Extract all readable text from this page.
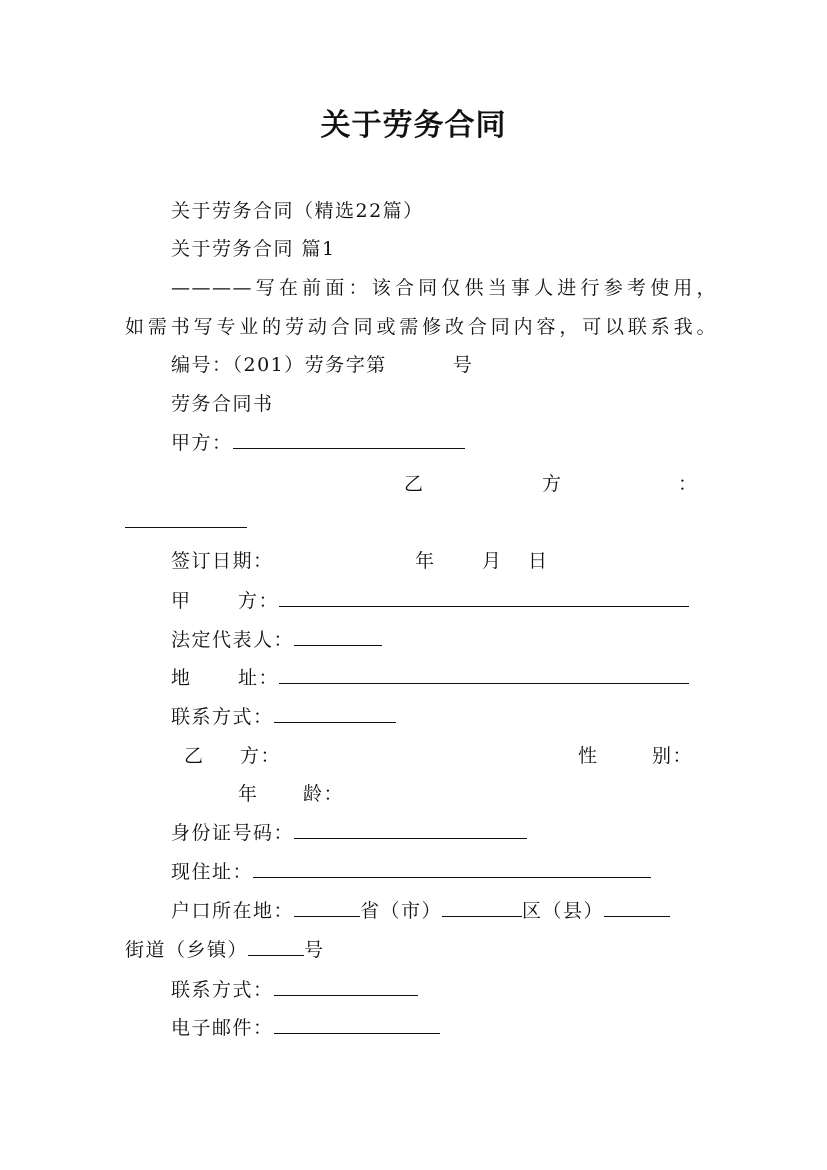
关于劳务合同
关于劳务合同（精选22篇）
关于劳务合同 篇1
————写在前面：该合同仅供当事人进行参考使用，
如需书写专业的劳动合同或需修改合同内容，可以联系我。
编号：（201）劳务字第	号
劳务合同书
甲方：
乙	方	：
签订日期：	年 月 日
甲 方：
法定代表人：
地 址：
联系方式：
乙 方：	性	别：
年 龄：
身份证号码：
现住址：
户口所在地：	省（市）	区（县）
街道（乡镇）	号
联系方式：
电子邮件：
